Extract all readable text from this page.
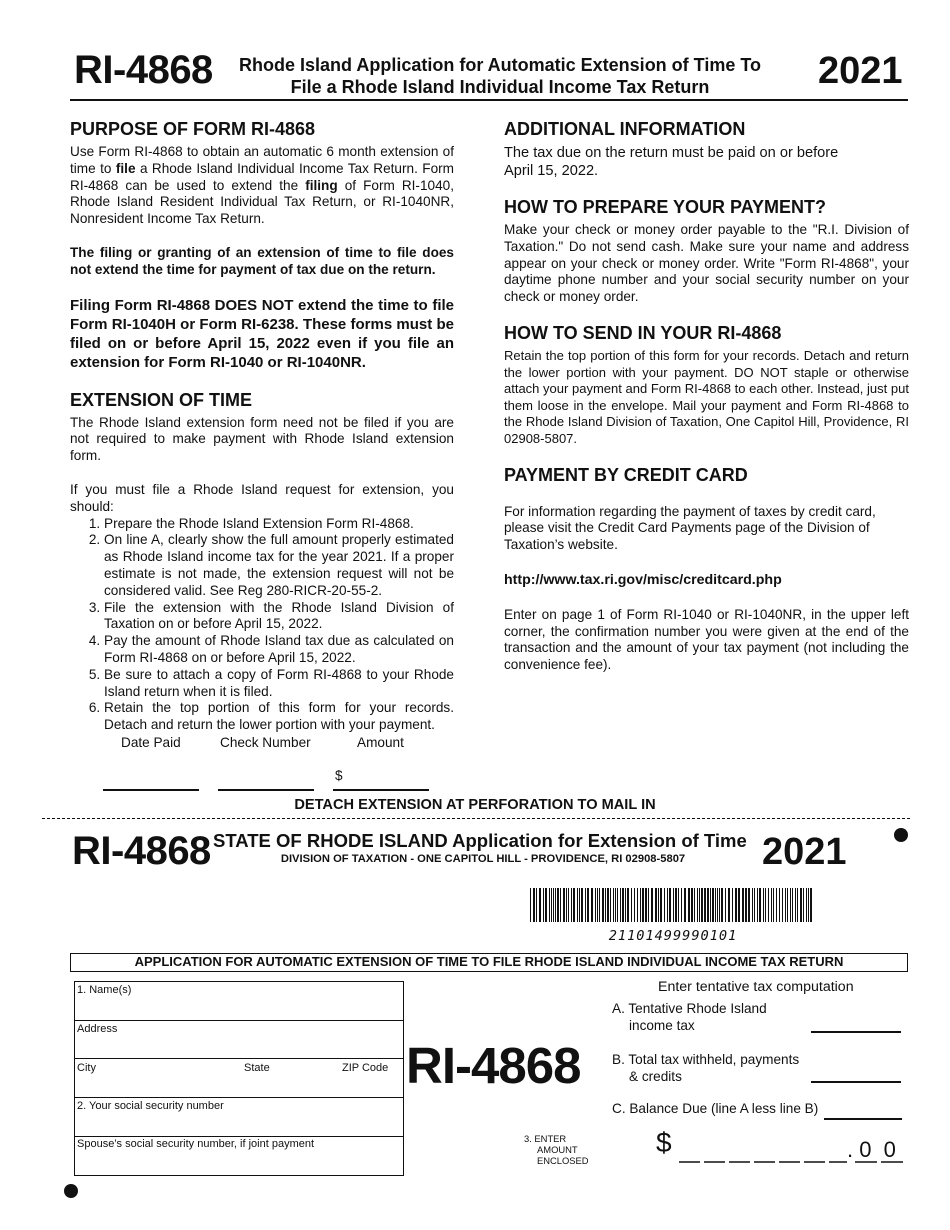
RI-4868	Rhode Island Application for Automatic Extension of Time To
File a Rhode Island Individual Income Tax Return	2021
PURPOSE OF FORM RI-4868

Use Form RI-4868 to obtain an automatic 6 month extension of time to file a Rhode Island Individual Income Tax Return. Form RI-4868 can be used to extend the filing of Form RI-1040, Rhode Island Resident Individual Tax Return, or RI-1040NR, Nonresident Income Tax Return.

The filing or granting of an extension of time to file does not extend the time for payment of tax due on the return.

Filing Form RI-4868 DOES NOT extend the time to file Form RI-1040H or Form RI-6238. These forms must be filed on or before April 15, 2022 even if you file an extension for Form RI-1040 or RI-1040NR.

EXTENSION OF TIME

The Rhode Island extension form need not be filed if you are not required to make payment with Rhode Island extension form.

If you must file a Rhode Island request for extension, you should:

1. Prepare the Rhode Island Extension Form RI-4868.
2. On line A, clearly show the full amount properly estimated as Rhode Island income tax for the year 2021. If a proper estimate is not made, the extension request will not be considered valid. See Reg 280-RICR-20-55-2.
3. File the extension with the Rhode Island Division of Taxation on or before April 15, 2022.
4. Pay the amount of Rhode Island tax due as calculated on Form RI-4868 on or before April 15, 2022.
5. Be sure to attach a copy of Form RI-4868 to your Rhode Island return when it is filed.
6. Retain the top portion of this form for your records. Detach and return the lower portion with your payment.
Date Paid	Check Number	Amount
$
ADDITIONAL INFORMATION

The tax due on the return must be paid on or before April 15, 2022.

HOW TO PREPARE YOUR PAYMENT?

Make your check or money order payable to the "R.I. Division of Taxation." Do not send cash. Make sure your name and address appear on your check or money order. Write "Form RI-4868", your daytime phone number and your social security number on your check or money order.

HOW TO SEND IN YOUR RI-4868

Retain the top portion of this form for your records. Detach and return the lower portion with your payment. DO NOT staple or otherwise attach your payment and Form RI-4868 to each other. Instead, just put them loose in the envelope. Mail your payment and Form RI-4868 to the Rhode Island Division of Taxation, One Capitol Hill, Providence, RI 02908-5807.

PAYMENT BY CREDIT CARD

For information regarding the payment of taxes by credit card, please visit the Credit Card Payments page of the Division of Taxation’s website.

http://www.tax.ri.gov/misc/creditcard.php

Enter on page 1 of Form RI-1040 or RI-1040NR, in the upper left corner, the confirmation number you were given at the end of the transaction and the amount of your tax payment (not including the convenience fee).

DETACH EXTENSION AT PERFORATION TO MAIL IN
RI-4868 STATE OF RHODE ISLAND Application for Extension of Time
DIVISION OF TAXATION - ONE CAPITOL HILL - PROVIDENCE, RI 02908-5807	2021
21101499990101
APPLICATION FOR AUTOMATIC EXTENSION OF TIME TO FILE RHODE ISLAND INDIVIDUAL INCOME TAX RETURN
1. Name(s)
Address
City	State	ZIP Code
2. Your social security number
Spouse’s social security number, if joint payment
RI-4868
Enter tentative tax computation
A. Tentative Rhode Island
income tax
B. Total tax withheld, payments
& credits
C. Balance Due (line A less line B)
3. ENTER
AMOUNT
ENCLOSED
$	. 0  0
